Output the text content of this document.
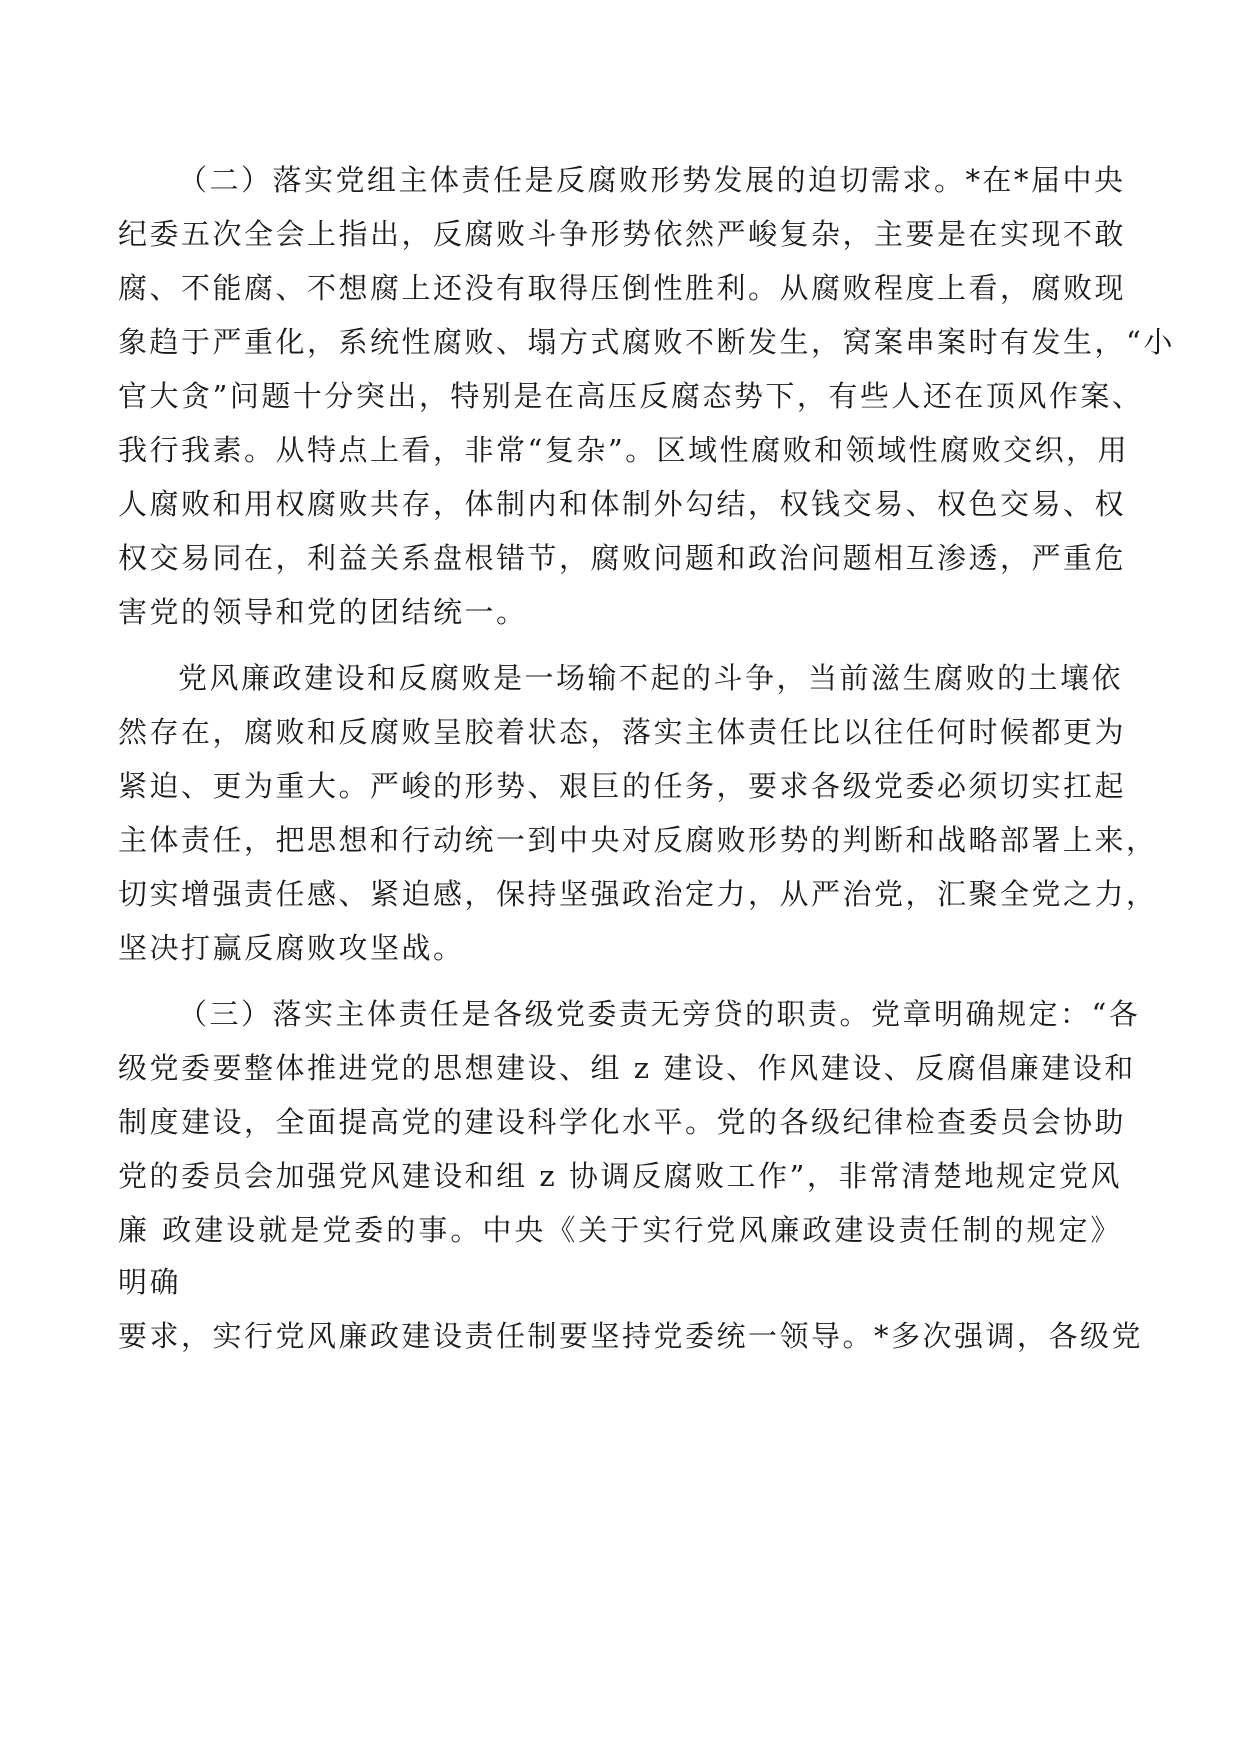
（二）落实党组主体责任是反腐败形势发展的迫切需求。*在*届中央
纪委五次全会上指出，反腐败斗争形势依然严峻复杂，主要是在实现不敢
腐、不能腐、不想腐上还没有取得压倒性胜利。从腐败程度上看，腐败现
象趋于严重化，系统性腐败、塌方式腐败不断发生，窝案串案时有发生，“小
官大贪”问题十分突出，特别是在高压反腐态势下，有些人还在顶风作案、
我行我素。从特点上看，非常“复杂”。区域性腐败和领域性腐败交织，用
人腐败和用权腐败共存，体制内和体制外勾结，权钱交易、权色交易、权
权交易同在，利益关系盘根错节，腐败问题和政治问题相互渗透，严重危
害党的领导和党的团结统一。
党风廉政建设和反腐败是一场输不起的斗争，当前滋生腐败的土壤依
然存在，腐败和反腐败呈胶着状态，落实主体责任比以往任何时候都更为
紧迫、更为重大。严峻的形势、艰巨的任务，要求各级党委必须切实扛起
主体责任，把思想和行动统一到中央对反腐败形势的判断和战略部署上来，
切实增强责任感、紧迫感，保持坚强政治定力，从严治党，汇聚全党之力，
坚决打赢反腐败攻坚战。
（三）落实主体责任是各级党委责无旁贷的职责。党章明确规定：“各
级党委要整体推进党的思想建设、组 z 建设、作风建设、反腐倡廉建设和
制度建设，全面提高党的建设科学化水平。党的各级纪律检查委员会协助
党的委员会加强党风建设和组 z 协调反腐败工作”，非常清楚地规定党风
廉 政建设就是党委的事。中央《关于实行党风廉政建设责任制的规定》
明确
要求，实行党风廉政建设责任制要坚持党委统一领导。*多次强调，各级党
